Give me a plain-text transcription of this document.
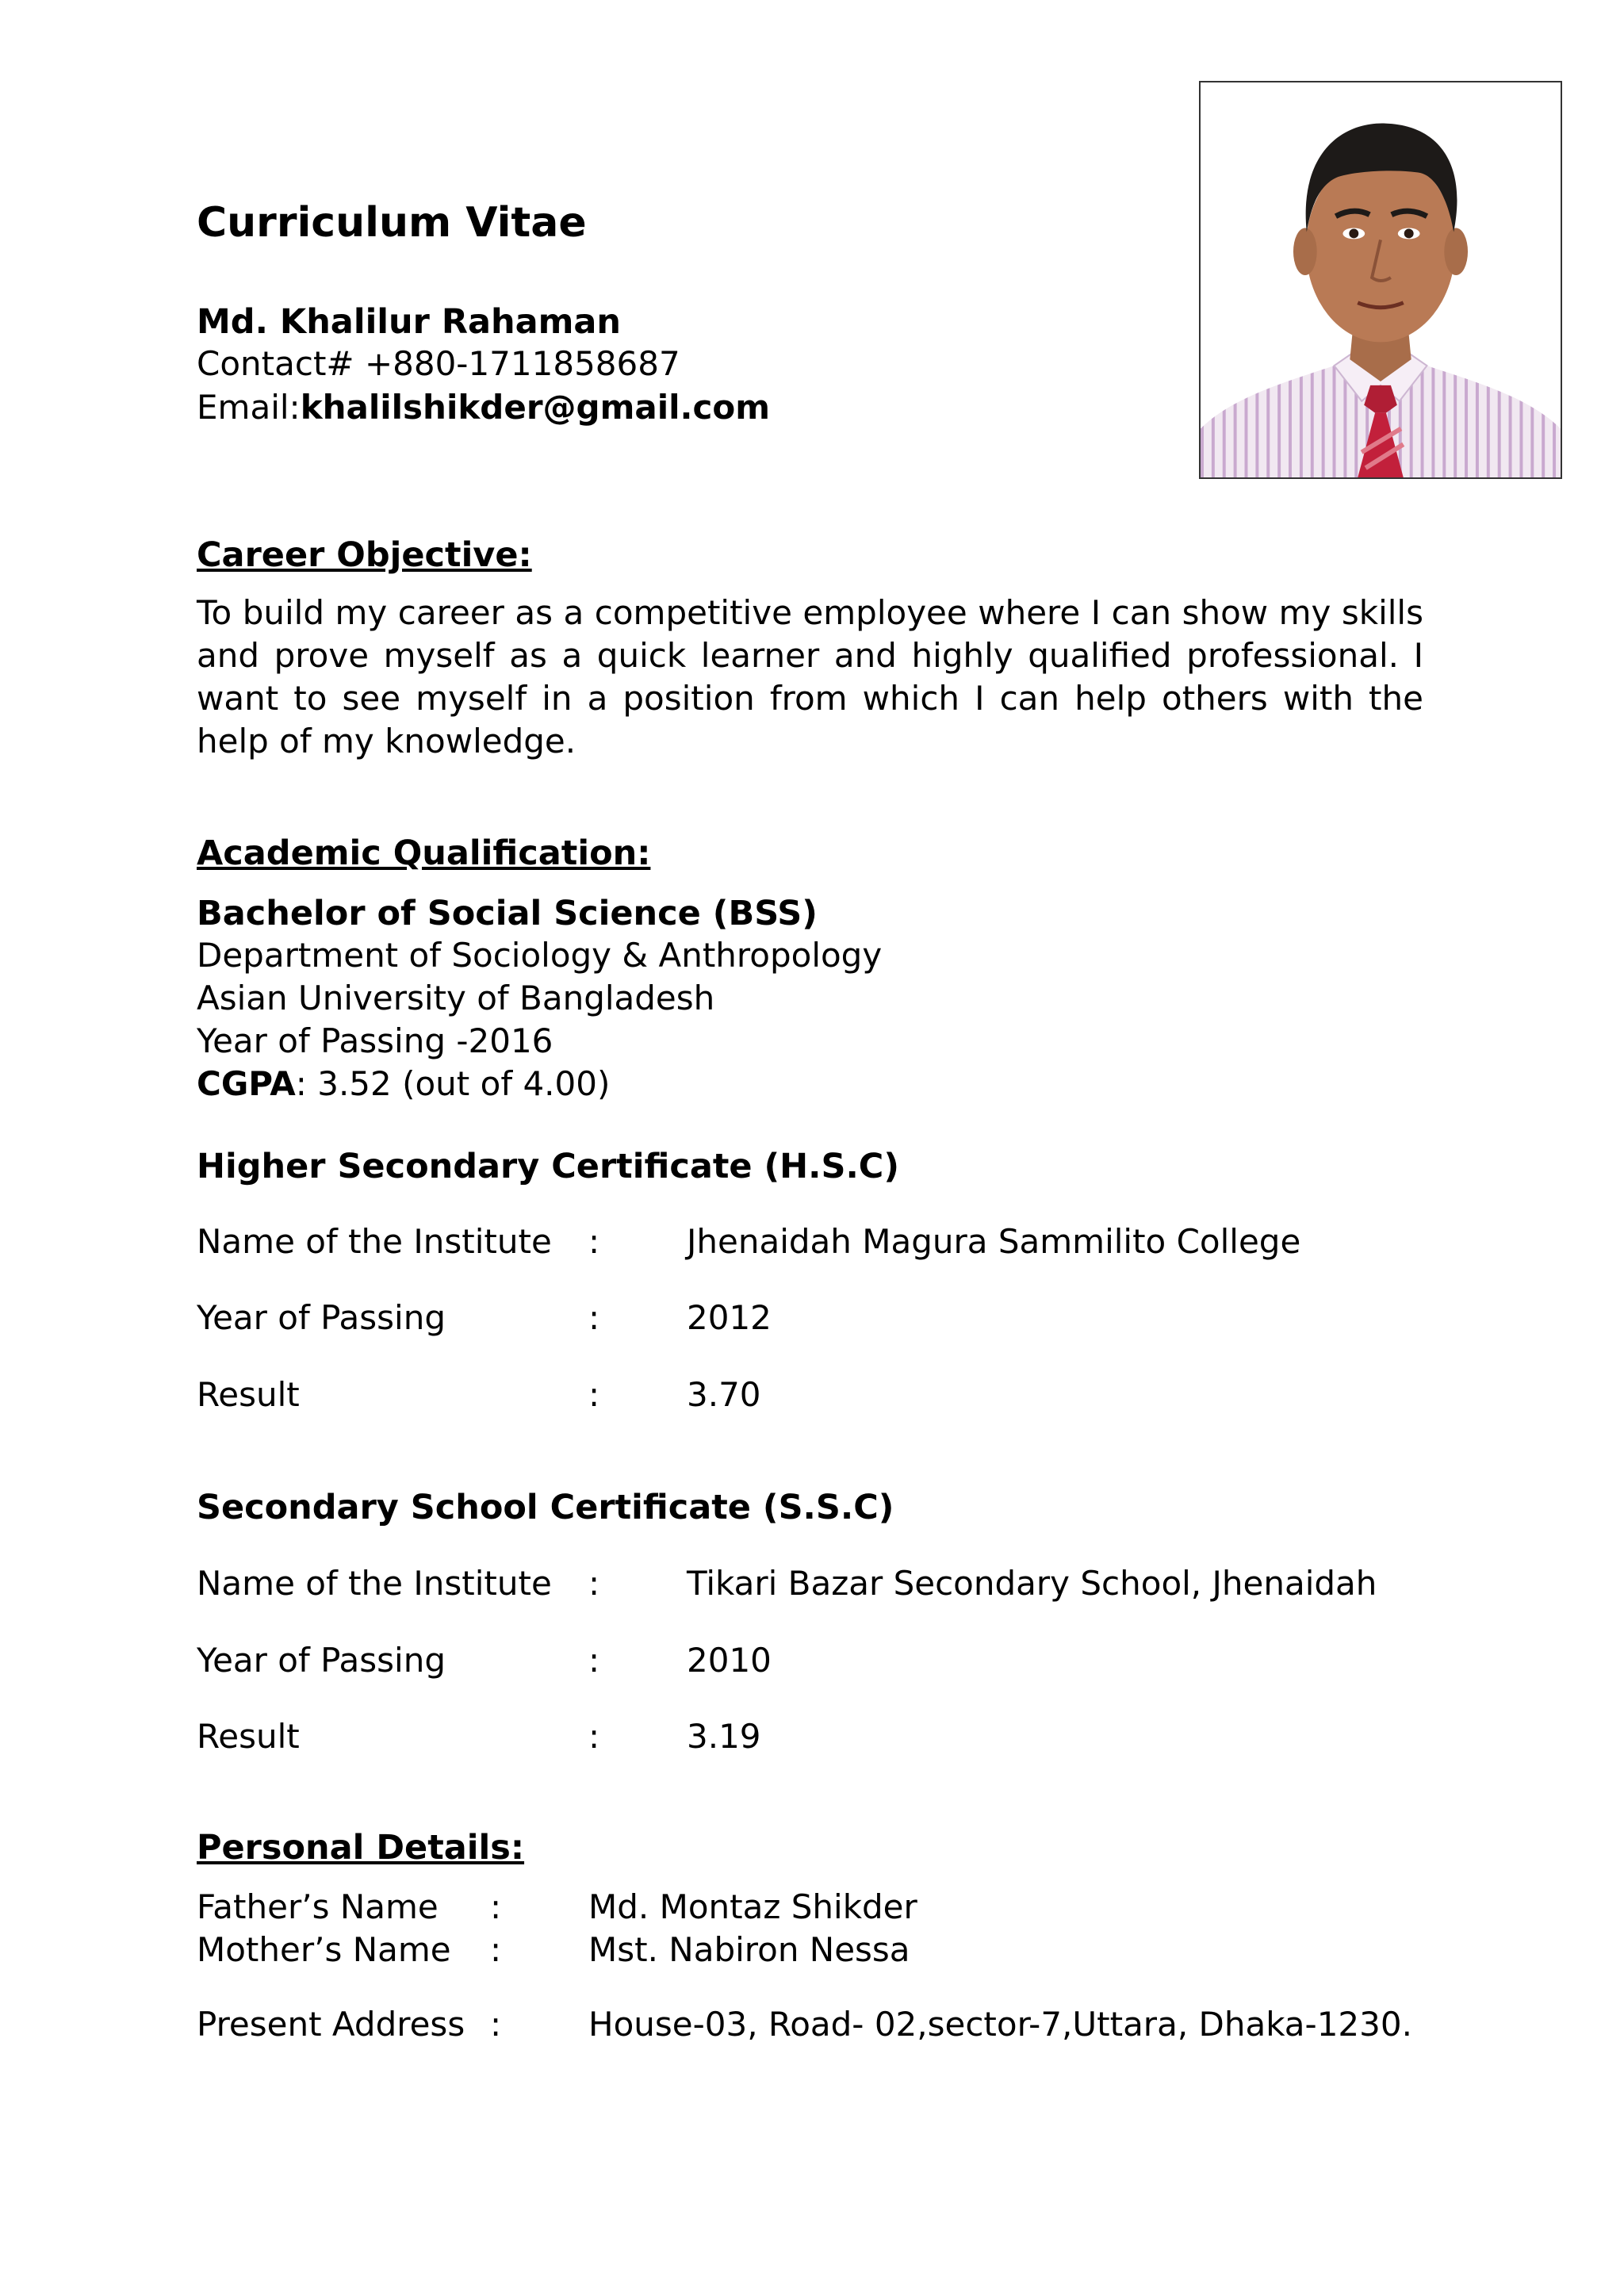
Curriculum Vitae
Md. Khalilur Rahaman
Contact# +880-1711858687
Email:khalilshikder@gmail.com
Career Objective:
To build my career as a competitive employee where I can show my skills and prove myself as a quick learner and highly qualified professional. I want to see myself in a position from which I can help others with the help of my knowledge.
Academic Qualification:
Bachelor of Social Science (BSS)
Department of Sociology & Anthropology
Asian University of Bangladesh
Year of Passing -2016
CGPA: 3.52 (out of 4.00)
Higher Secondary Certificate (H.S.C)
Name of the Institute :	Jhenaidah Magura Sammilito College
Year of Passing	:	2012
Result	:	3.70
Secondary School Certificate (S.S.C)
Name of the Institute :	Tikari Bazar Secondary School, Jhenaidah
Year of Passing	:	2010
Result	:	3.19
Personal Details:
Father’s Name :	Md. Montaz Shikder
Mother’s Name :	Mst. Nabiron Nessa
Present Address :	House-03, Road- 02,sector-7,Uttara, Dhaka-1230.
